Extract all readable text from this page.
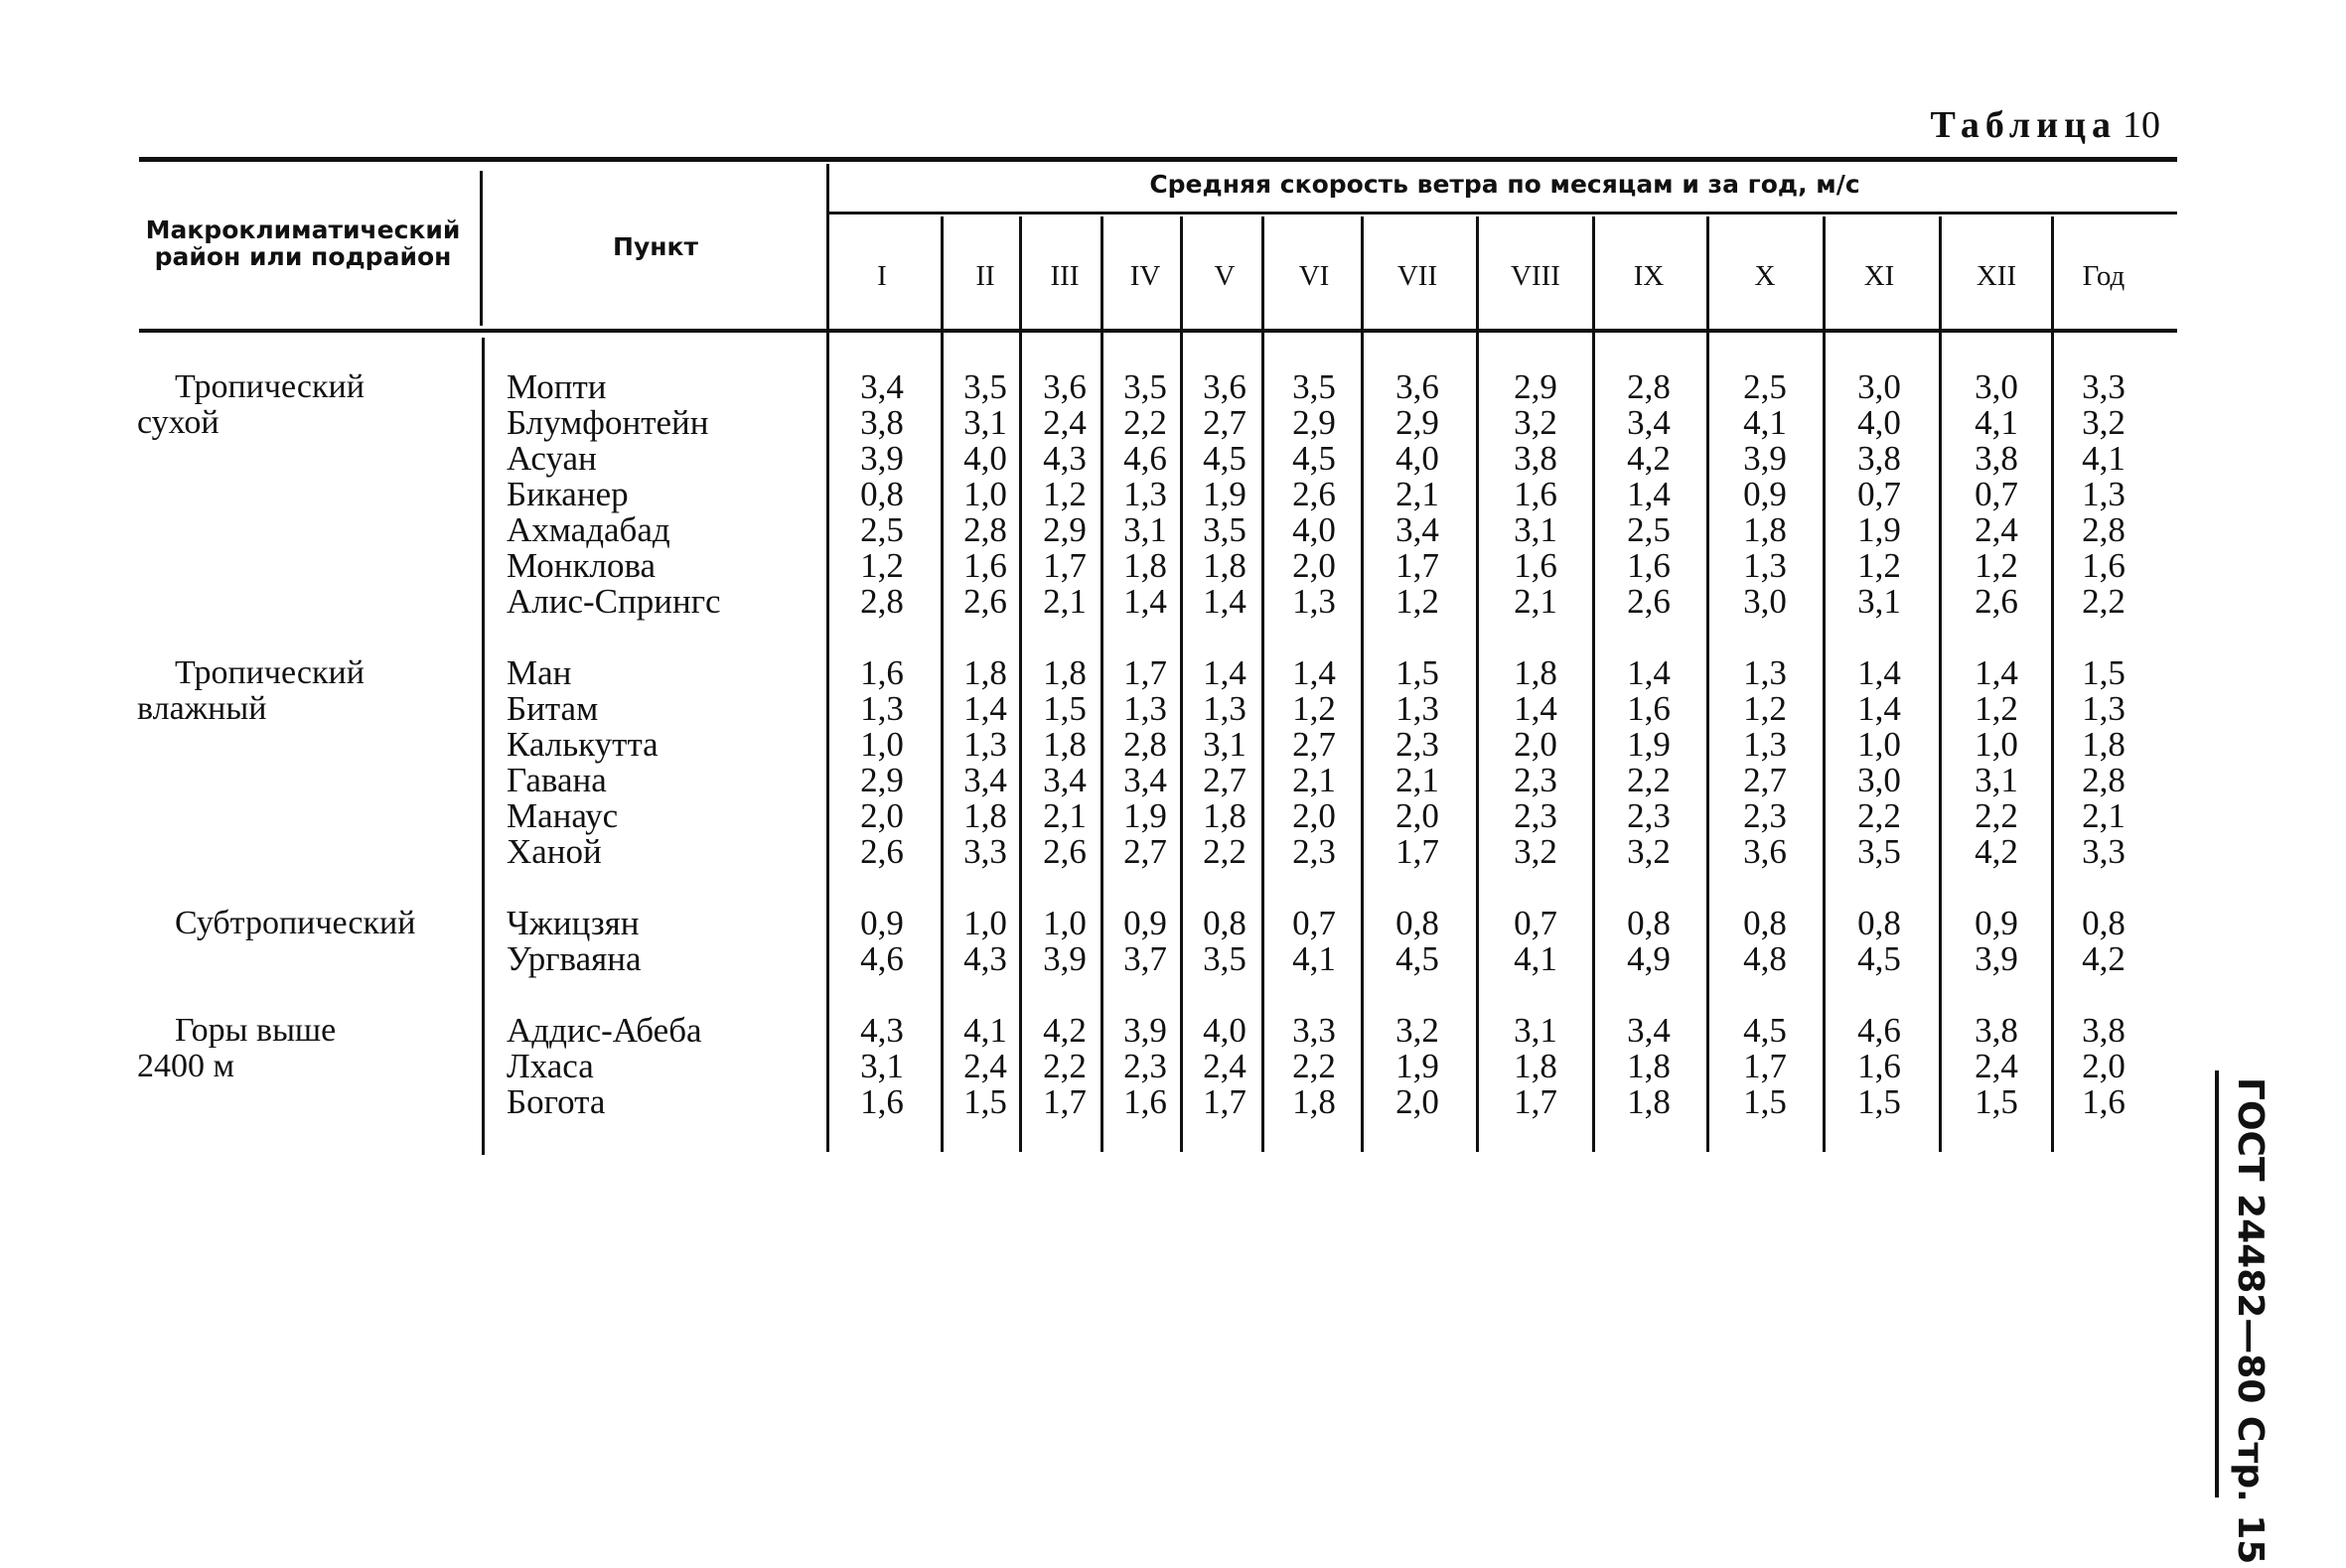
Таблица 10
Макроклиматический
район или подрайон	Пункт
Средняя скорость ветра по месяцам и за год, м/с
I	II III IV V VI VII	VIII	IX	X	XI	XII Год
Тропический
сухой
Мопти	3,4 3,5 3,6 3,5 3,6 3,5 3,6 2,9 2,8 2,5 3,0 3,0 3,3
Блумфонтейн	3,8 3,1 2,4 2,2 2,7 2,9 2,9 3,2 3,4 4,1 4,0 4,1 3,2
Асуан	3,9 4,0 4,3 4,6 4,5 4,5 4,0 3,8 4,2 3,9 3,8 3,8 4,1
Биканер	0,8 1,0 1,2 1,3 1,9 2,6 2,1 1,6 1,4 0,9 0,7 0,7 1,3
Ахмадабад	2,5 2,8 2,9 3,1 3,5 4,0 3,4 3,1 2,5 1,8 1,9 2,4 2,8
Монклова	1,2 1,6 1,7 1,8 1,8 2,0 1,7 1,6 1,6 1,3 1,2 1,2 1,6
Алис-Спрингс	2,8 2,6 2,1 1,4 1,4 1,3 1,2 2,1 2,6 3,0 3,1 2,6 2,2
Тропический
влажный
Ман	1,6 1,8 1,8 1,7 1,4 1,4 1,5 1,8 1,4 1,3 1,4 1,4 1,5
Битам	1,3 1,4 1,5 1,3 1,3 1,2 1,3 1,4 1,6 1,2 1,4 1,2 1,3
Калькутта	1,0 1,3 1,8 2,8 3,1 2,7 2,3 2,0 1,9 1,3 1,0 1,0 1,8
Гавана	2,9 3,4 3,4 3,4 2,7 2,1 2,1 2,3 2,2 2,7 3,0 3,1 2,8
Манаус	2,0 1,8 2,1 1,9 1,8 2,0 2,0 2,3 2,3 2,3 2,2 2,2 2,1
Ханой	2,6 3,3 2,6 2,7 2,2 2,3 1,7 3,2 3,2 3,6 3,5 4,2 3,3
Субтропический	Чжицзян	0,9 1,0 1,0 0,9 0,8 0,7 0,8 0,7 0,8 0,8 0,8 0,9 0,8
Ургваяна	4,6 4,3 3,9 3,7 3,5 4,1 4,5 4,1 4,9 4,8 4,5 3,9 4,2
Горы выше
2400 м
Аддис-Абеба	4,3 4,1 4,2 3,9 4,0 3,3 3,2 3,1 3,4 4,5 4,6 3,8 3,8
Лхаса	3,1 2,4 2,2 2,3 2,4 2,2 1,9 1,8 1,8 1,7 1,6 2,4 2,0
Богота	1,6 1,5 1,7 1,6 1,7 1,8 2,0 1,7 1,8 1,5 1,5 1,5 1,6	ГОСТ 24482—80 Стр. 15
